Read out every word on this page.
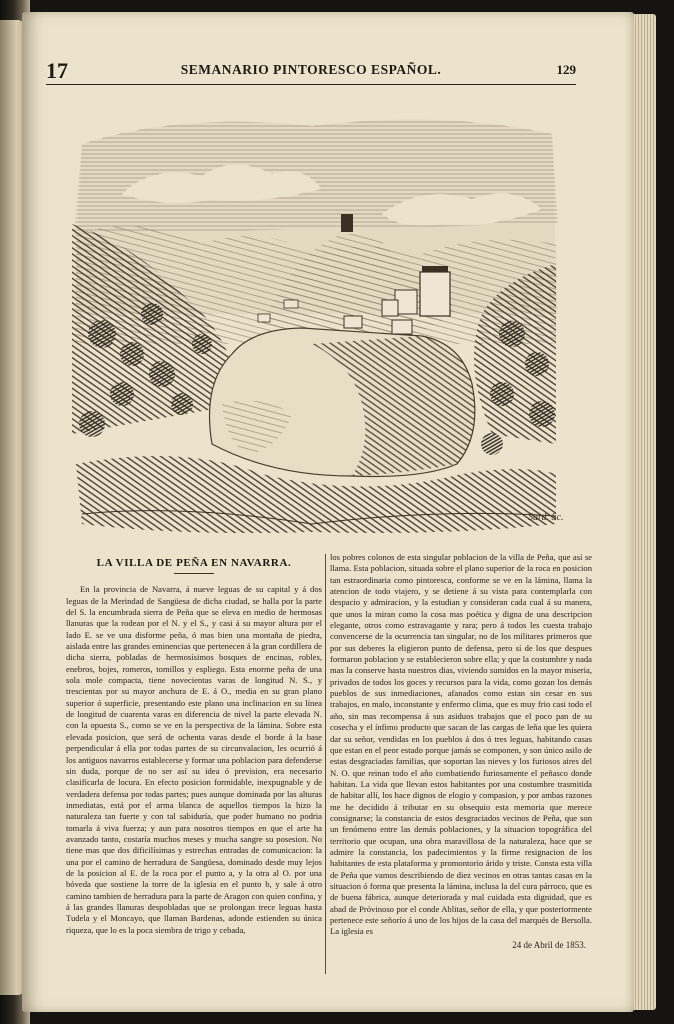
17	SEMANARIO PINTORESCO ESPAÑOL.	129
Sard. Sc.
LA VILLA DE PEÑA EN NAVARRA.

En la provincia de Navarra, á nueve leguas de su capital y á dos leguas de la Merindad de Sangüesa de dicha ciudad, se halla por la parte del S. la encumbrada sierra de Peña que se eleva en medio de hermosas llanuras que la rodean por el N. y el S., y casi á su mayor altura por el lado E. se ve una disforme peña, ó mas bien una montaña de piedra, aislada entre las grandes eminencias que pertenecen á la gran cordillera de dicha sierra, pobladas de hermosísimos bosques de encinas, robles, enebros, bojes, romeros, tomillos y espliego. Esta enorme peña de una sola mole compacta, tiene novecientas varas de longitud N. S., y trescientas por su mayor anchura de E. á O., media en su gran plano superior ó superficie, presentando este plano una inclinacion en su línea de longitud de cuarenta varas en diferencia de nivel la parte elevada N. con la opuesta S., como se ve en la perspectiva de la lámina. Sobre esta elevada posicion, que será de ochenta varas desde el borde á la base perpendicular á ella por todas partes de su circunvalacion, les ocurrió á los antiguos navarros establecerse y formar una poblacion para defenderse sin duda, porque de no ser así su idea ó prevision, era necesario clasificarla de locura. En efecto posicion formidable, inexpugnable y de verdadera defensa por todas partes; pues aunque dominada por las alturas inmediatas, está por el arma blanca de aquellos tiempos la hizo la naturaleza tan fuerte y con tal sabiduría, que poder humano no podria tomarla á viva fuerza; y aun para nosotros tiempos en que el arte ha avanzado tanto, costaría muchos meses y mucha sangre su posesion. No tiene mas que dos dificilísimas y estrechas entradas de comunicacion: la una por el camino de herradura de Sangüesa, dominado desde muy lejos de la posicion al E. de la roca por el punto a, y la otra al O. por una bóveda que sostiene la torre de la iglesia en el punto b, y sale á otro camino tambien de herradura para la parte de Aragon con quien confina, y á las grandes llanuras despobladas que se prolongan trece leguas hasta Tudela y el Moncayo, que llaman Bardenas, adonde estienden su única riqueza, que lo es la poca siembra de trigo y cebada,

los pobres colonos de esta singular poblacion de la villa de Peña, que así se llama. Esta poblacion, situada sobre el plano superior de la roca en posicion tan estraordinaria como pintoresca, conforme se ve en la lámina, llama la atencion de todo viajero, y se detiene á su vista para contemplarla con despacio y admiracion, y la estudian y consideran cada cual á su manera, que unos la miran como la cosa mas poética y digna de una descripcion elegante, otros como estravagante y rara; pero á todos les cuesta trabajo convencerse de la ocurrencia tan singular, no de los militares primeros que por sus deberes la eligieron punto de defensa, pero sí de los que despues formaron poblacion y se establecieron sobre ella; y que la costumbre y nada mas la conserve hasta nuestros dias, viviendo sumidos en la mayor miseria, privados de todos los goces y recursos para la vida, como gozan los demás pueblos de sus inmediaciones, afanados como estan sin cesar en sus trabajos, en malo, inconstante y enfermo clima, que es muy frio casi todo el año, sin mas recompensa á sus asiduos trabajos que el poco pan de su cosecha y el ínfimo producto que sacan de las cargas de leña que les quiera dar su señor, vendidas en los pueblos á dos ó tres leguas, habitando casas que estan en el peor estado porque jamás se componen, y son único asilo de estas desgraciadas familias, que soportan las nieves y los furiosos aires del N. O. que reinan todo el año combatiendo furiosamente el peñasco donde habitan. La vida que llevan estos habitantes por una costumbre trasmitida de habitar allí, los hace dignos de elogio y compasion, y por ambas razones me he decidido á tributar en su obsequio esta memoria que merece consignarse; la constancia de estos desgraciados vecinos de Peña, que son un fenómeno entre las demás poblaciones, y la situacion topográfica del territorio que ocupan, una obra maravillosa de la naturaleza, hace que se admire la constancia, los padecimientos y la firme resignacion de los habitantes de esta plataforma y promontorio árido y triste. Consta esta villa de Peña que vamos describiendo de diez vecinos en otras tantas casas en la situacion ó forma que presenta la lámina, inclusa la del cura párroco, que es de buena fábrica, aunque deteriorada y mal cuidada esta dignidad, que es abad de Próvinoso por el conde Ablitas, señor de ella, y que posteriormente pertenece este señorío á uno de los hijos de la casa del marqués de Bersolla. La iglesia es

24 de Abril de 1853.
